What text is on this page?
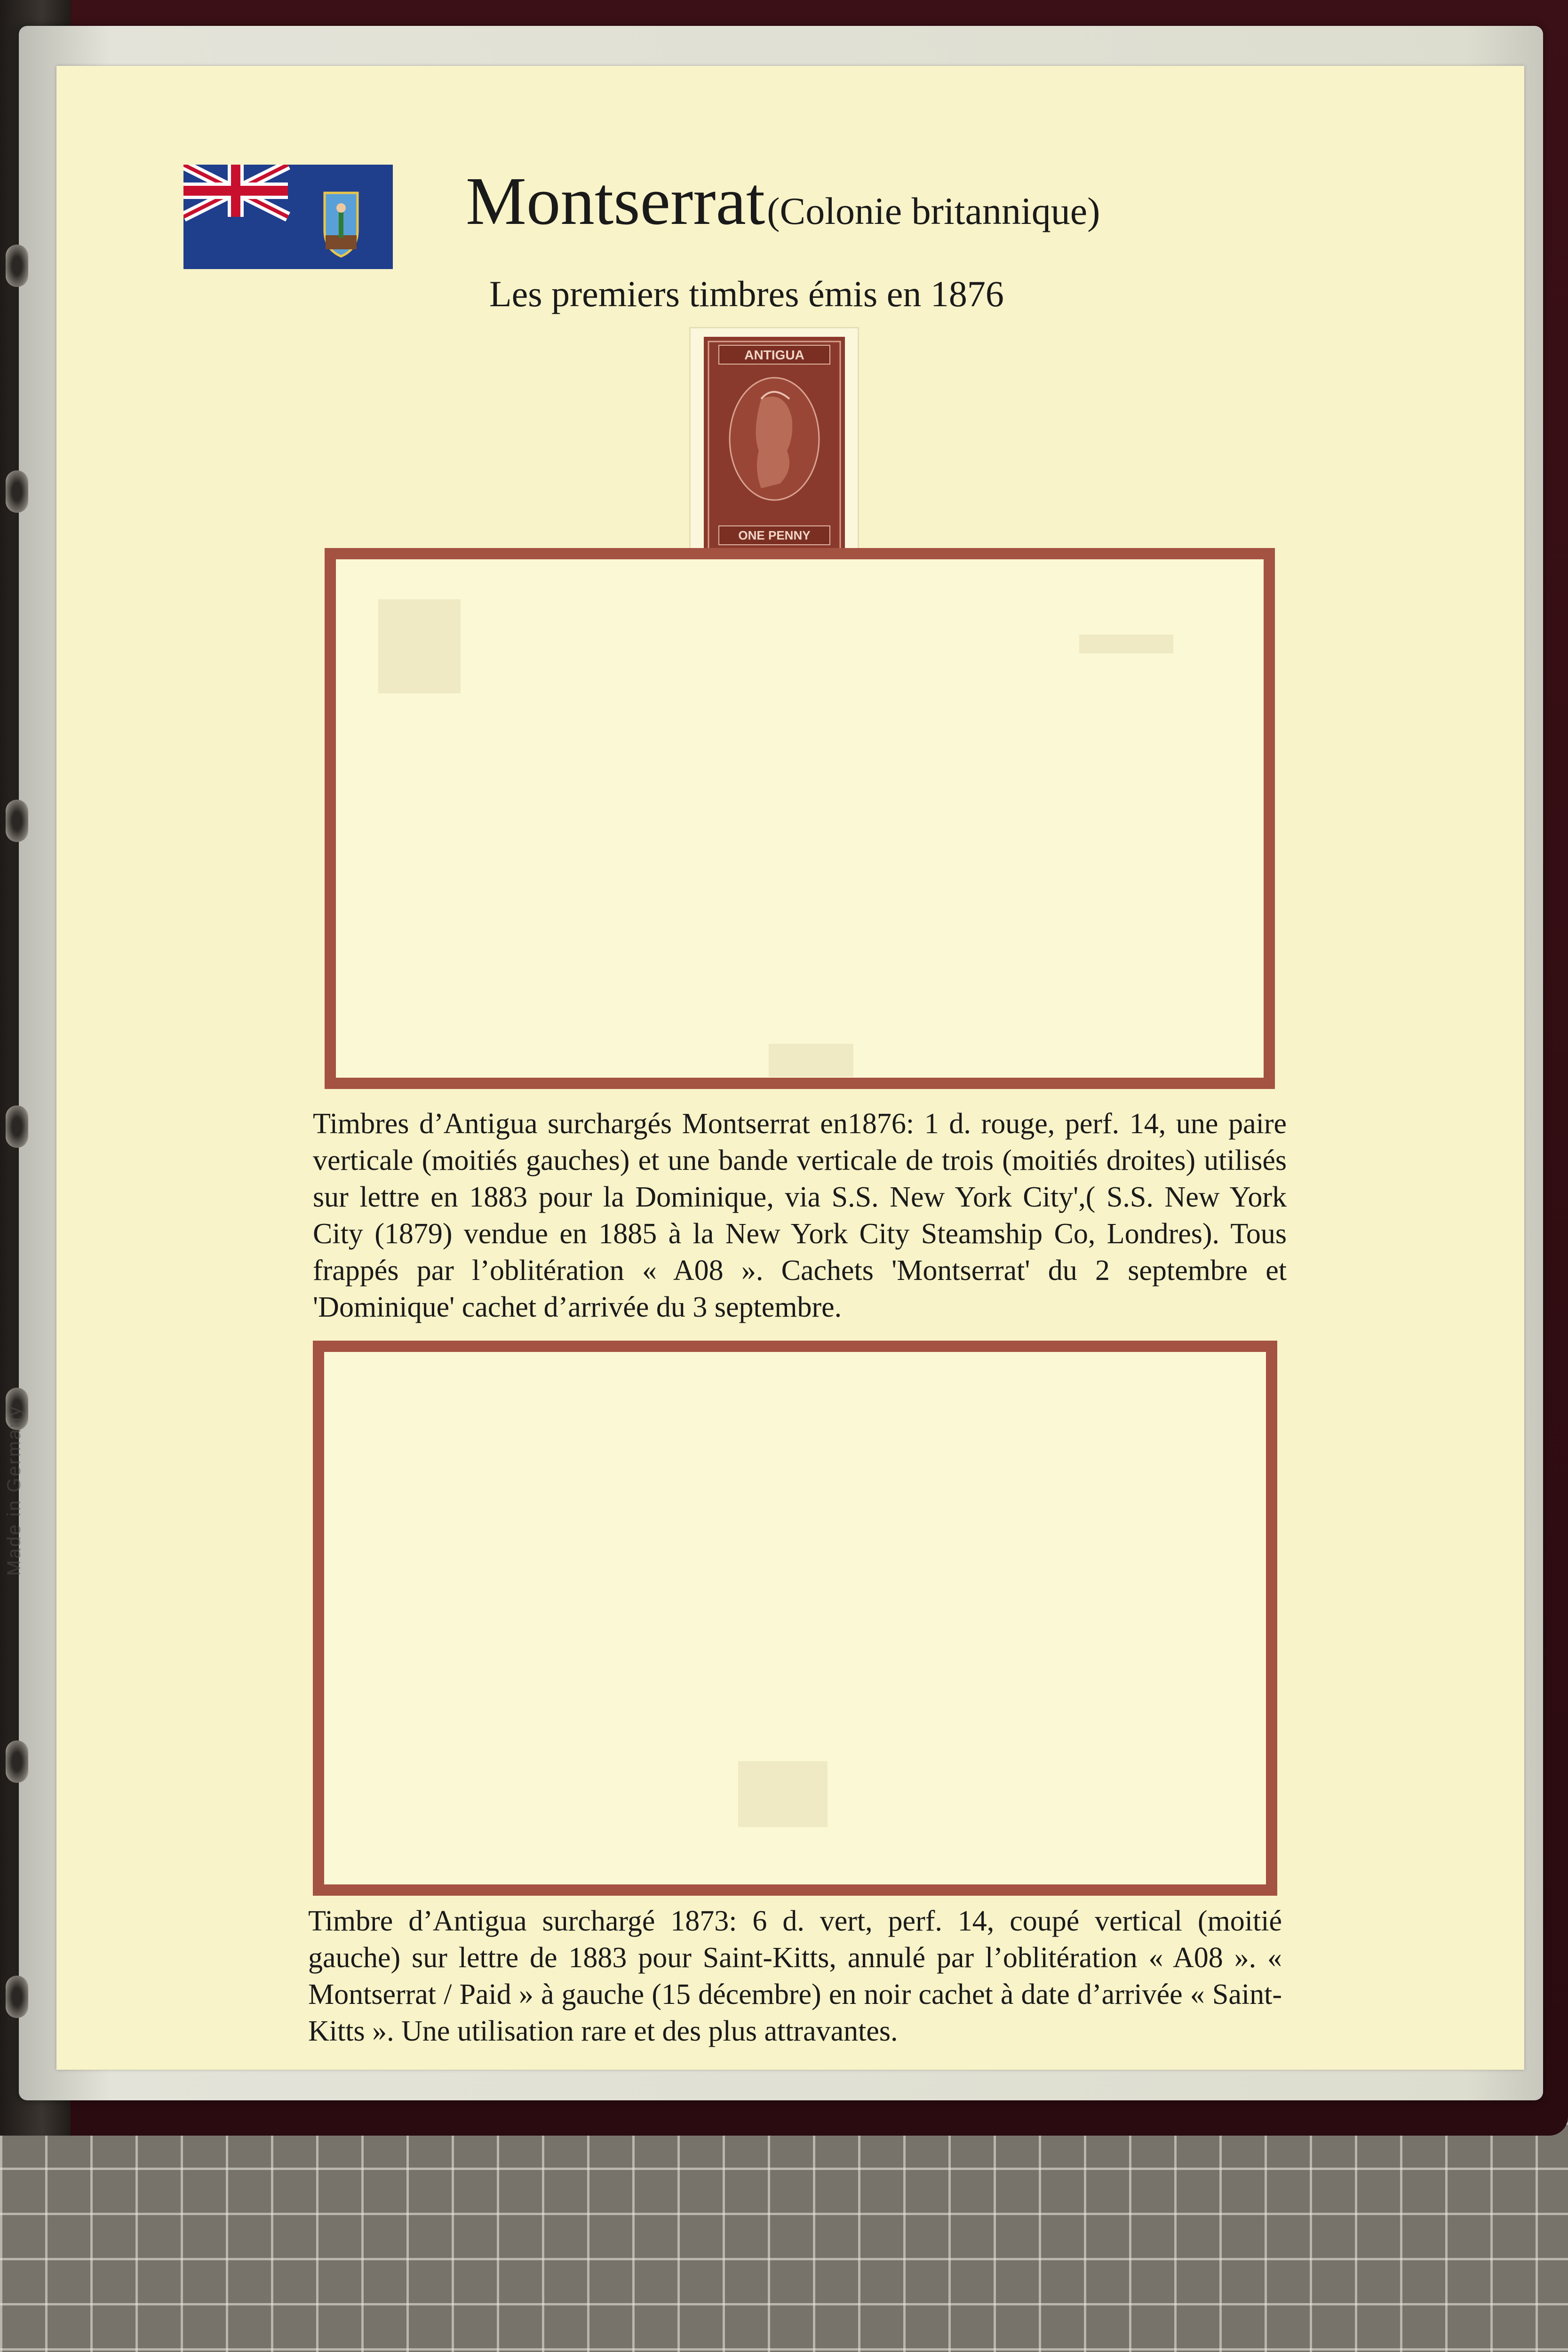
Made in Germany
Montserrat (Colonie britannique)
Les premiers timbres émis en 1876
ANTIGUA
ONE PENNY
Timbres d’Antigua surchargés Montserrat en1876: 1 d. rouge, perf. 14, une paire verticale (moitiés gauches) et une bande verticale de trois (moitiés droites) utilisés sur lettre en 1883 pour la Dominique, via S.S. New York City',( S.S. New York City (1879) vendue en 1885 à la New York City Steamship Co, Londres). Tous frappés par l’oblitération « A08 ». Cachets 'Montserrat' du 2 septembre et 'Dominique' cachet d’arrivée du 3 septembre.
Timbre d’Antigua surchargé 1873: 6 d. vert, perf. 14, coupé vertical (moitié gauche) sur lettre de 1883 pour Saint-Kitts, annulé par l’oblitération « A08 ». « Montserrat / Paid » à gauche (15 décembre) en noir cachet à date d’arrivée « Saint-Kitts ». Une utilisation rare et des plus attravantes.
